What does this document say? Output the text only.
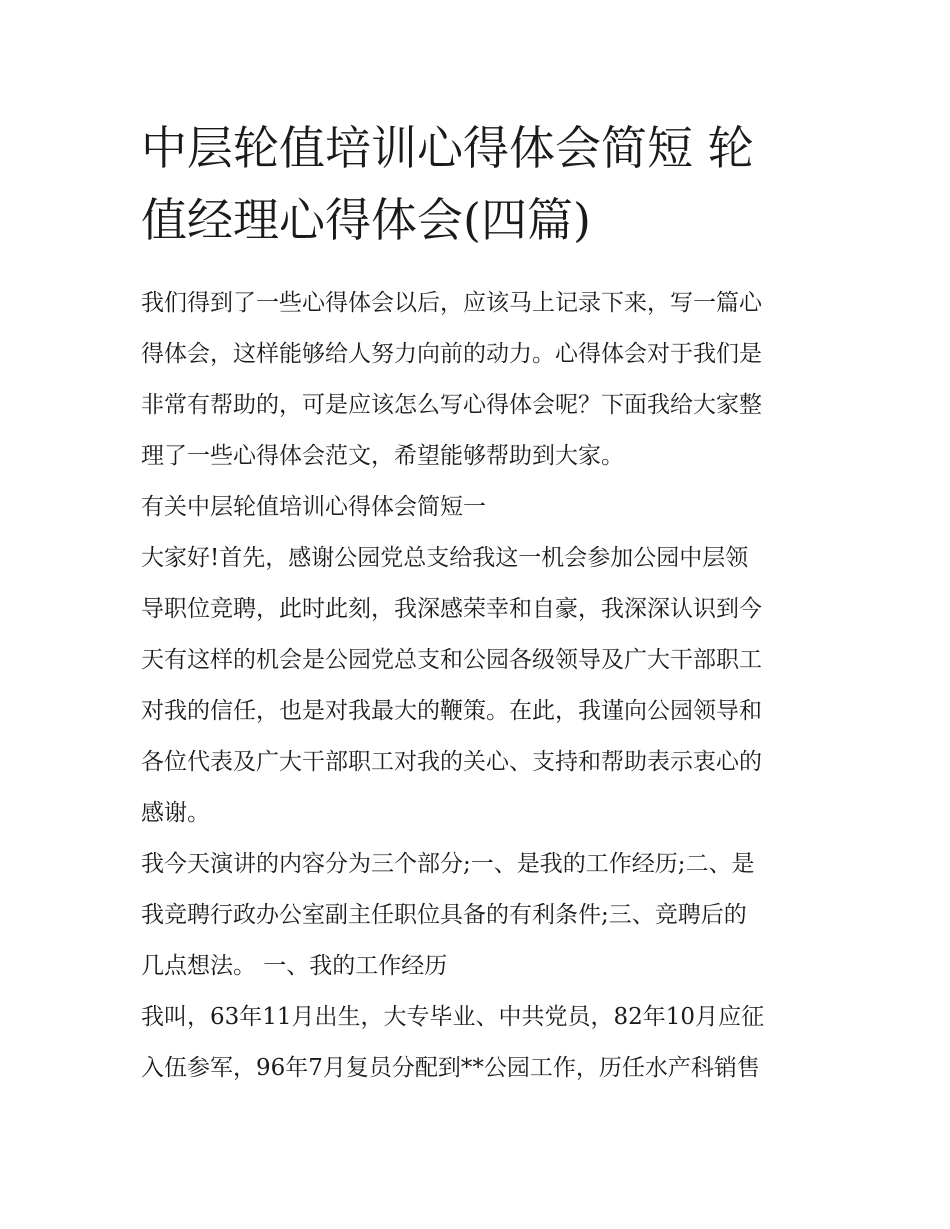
中层轮值培训心得体会简短 轮
值经理心得体会(四篇)
我们得到了一些心得体会以后，应该马上记录下来，写一篇心
得体会，这样能够给人努力向前的动力。心得体会对于我们是
非常有帮助的，可是应该怎么写心得体会呢？下面我给大家整
理了一些心得体会范文，希望能够帮助到大家。
有关中层轮值培训心得体会简短一
大家好!首先，感谢公园党总支给我这一机会参加公园中层领
导职位竞聘，此时此刻，我深感荣幸和自豪，我深深认识到今
天有这样的机会是公园党总支和公园各级领导及广大干部职工
对我的信任，也是对我最大的鞭策。在此，我谨向公园领导和
各位代表及广大干部职工对我的关心、支持和帮助表示衷心的
感谢。
我今天演讲的内容分为三个部分;一、是我的工作经历;二、是
我竞聘行政办公室副主任职位具备的有利条件;三、竞聘后的
几点想法。 一、我的工作经历
我叫，63年11月出生，大专毕业、中共党员，82年10月应征
入伍参军，96年7月复员分配到**公园工作，历任水产科销售
